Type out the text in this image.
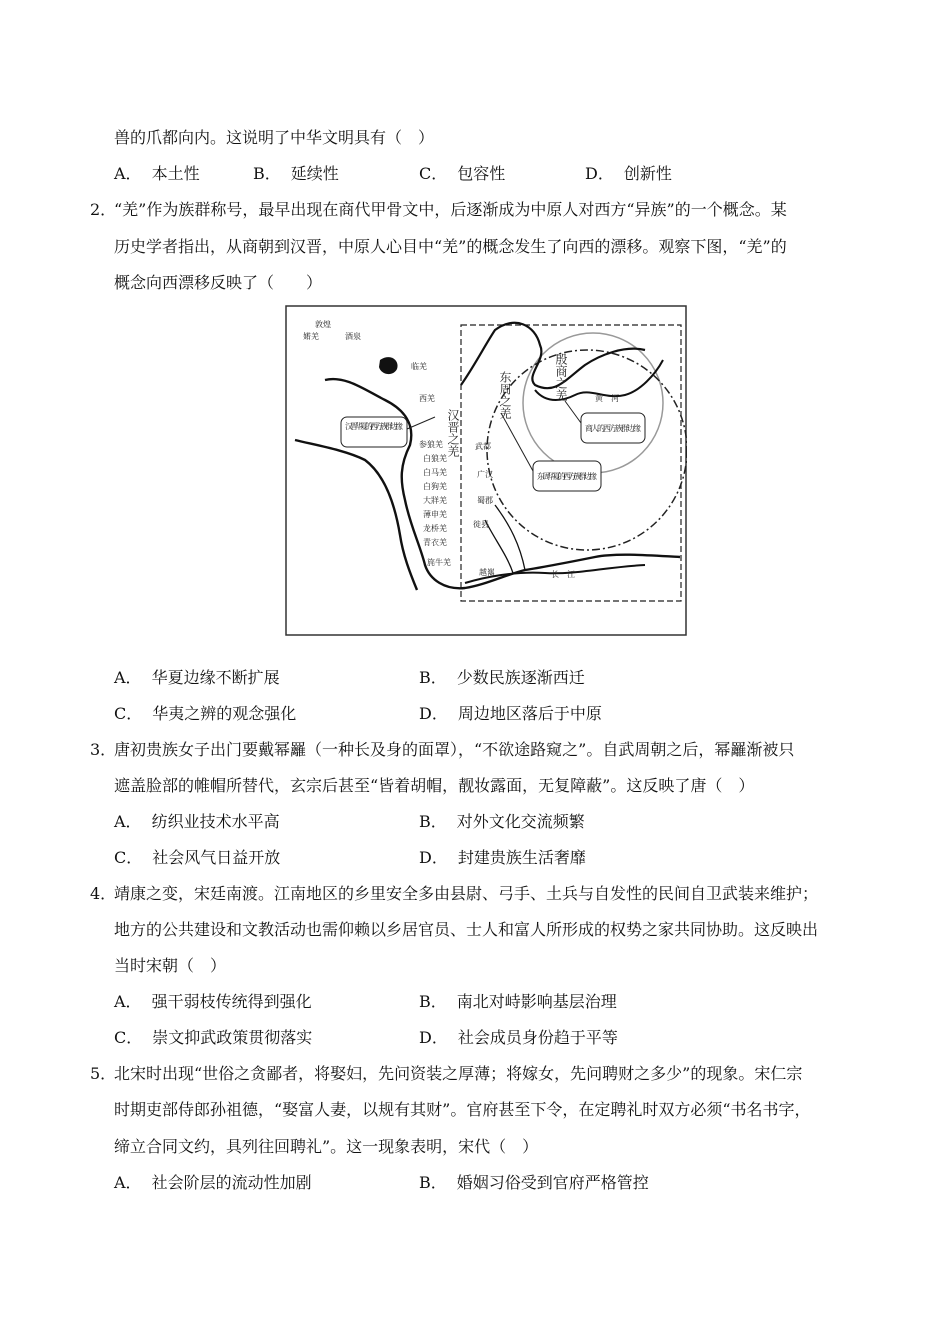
兽的爪都向内。这说明了中华文明具有（　）
A． 本土性	B． 延续性	C． 包容性	D． 创新性
2．
“羌”作为族群称号，最早出现在商代甲骨文中，后逐渐成为中原人对西方“异族”的一个概念。某
历史学者指出，从商朝到汉晋，中原人心目中“羌”的概念发生了向西的漂移。观察下图，“羌”的
概念向西漂移反映了（　　）
敦煌
酒泉
婼羌
临羌
西羌
参狼羌
白狼羌
白马羌
白狗羌
大牂羌
薄申羌
龙桥羌
青衣羌
旄牛羌
武都
广汉
蜀郡
徙县
越嶲
殷商之羌
东周之羌
汉晋之羌
黄　河
长　江
汉晋华夏的西方族群边缘	商人的西方族群边缘
东周华夏的西方族群边缘
A． 华夏边缘不断扩展	B． 少数民族逐渐西迁
C． 华夷之辨的观念强化	D． 周边地区落后于中原
3．
唐初贵族女子出门要戴幂䍦（一种长及身的面罩），“不欲途路窥之”。自武周朝之后，幂䍦渐被只
遮盖脸部的帷帽所替代，玄宗后甚至“皆着胡帽，靓妆露面，无复障蔽”。这反映了唐（　）
A． 纺织业技术水平高	B． 对外文化交流频繁
C． 社会风气日益开放	D． 封建贵族生活奢靡
4．
靖康之变，宋廷南渡。江南地区的乡里安全多由县尉、弓手、土兵与自发性的民间自卫武装来维护；
地方的公共建设和文教活动也需仰赖以乡居官员、士人和富人所形成的权势之家共同协助。这反映出
当时宋朝（　）
A． 强干弱枝传统得到强化	B． 南北对峙影响基层治理
C． 崇文抑武政策贯彻落实	D． 社会成员身份趋于平等
5．
北宋时出现“世俗之贪鄙者，将娶妇，先问资装之厚薄；将嫁女，先问聘财之多少”的现象。宋仁宗
时期吏部侍郎孙祖德，“娶富人妻，以规有其财”。官府甚至下令，在定聘礼时双方必须“书名书字，
缔立合同文约，具列往回聘礼”。这一现象表明，宋代（　）
A． 社会阶层的流动性加剧	B． 婚姻习俗受到官府严格管控
